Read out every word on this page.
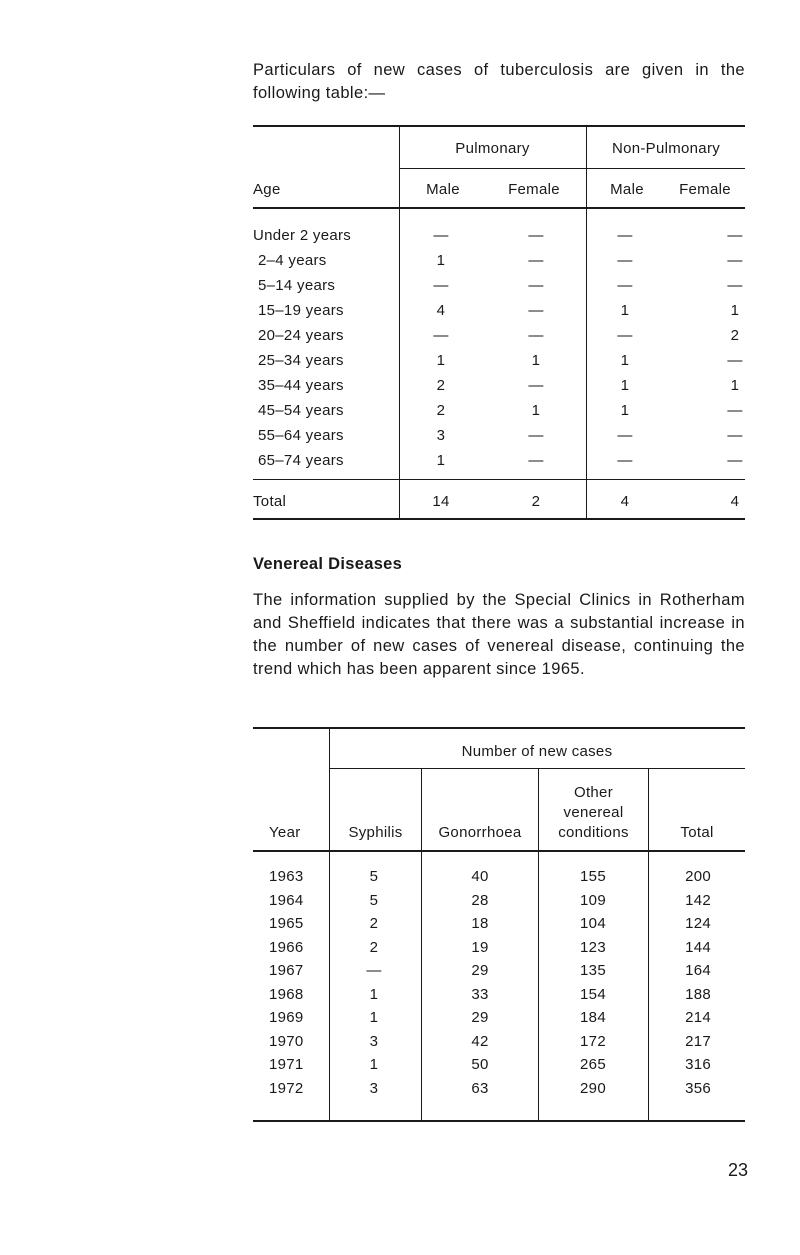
Particulars of new cases of tuberculosis are given in the following table:—

Age
Pulmonary	Non-Pulmonary
Male	Female	Male	Female
Under 2 years	—	—	—	—
2–4 years	1	—	—	—
5–14 years	—	—	—	—
15–19 years	4	—	1	1
20–24 years	—	—	—	2
25–34 years	1	1	1	—
35–44 years	2	—	1	1
45–54 years	2	1	1	—
55–64 years	3	—	—	—
65–74 years	1	—	—	—
Total	14	2	4	4
Venereal Diseases

The information supplied by the Special Clinics in Rotherham and Sheffield indicates that there was a substantial increase in the number of new cases of venereal disease, continuing the trend which has been apparent since 1965.

Number of new cases
Year	Syphilis	Gonorrhoea
Other
venereal
conditions	Total
1963	5	40	155	200
1964	5	28	109	142
1965	2	18	104	124
1966	2	19	123	144
1967	—	29	135	164
1968	1	33	154	188
1969	1	29	184	214
1970	3	42	172	217
1971	1	50	265	316
1972	3	63	290	356
23
